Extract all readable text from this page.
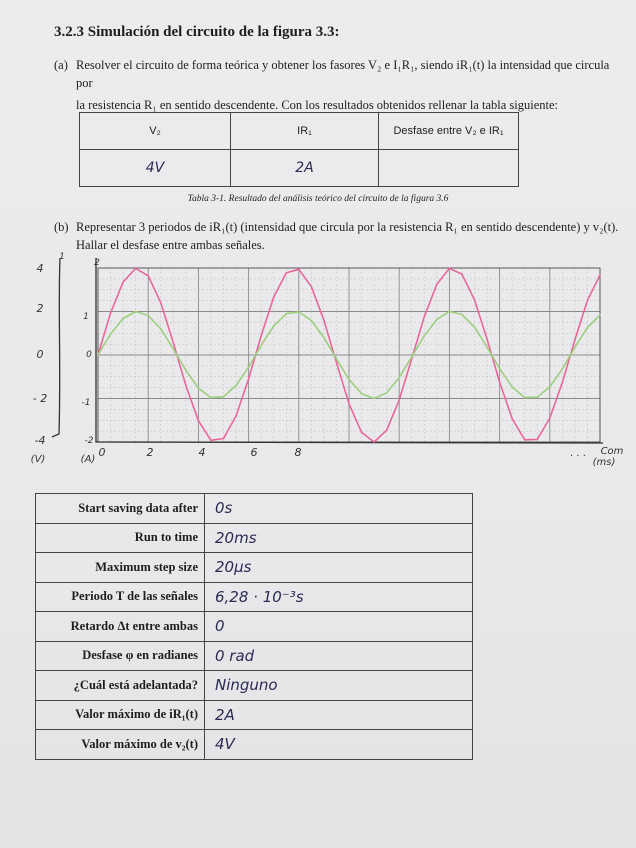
3.2.3 Simulación del circuito de la figura 3.3:
(a) Resolver el circuito de forma teórica y obtener los fasores V₂ e I₁R₁, siendo iR₁(t) la intensidad que circula por
la resistencia R₁ en sentido descendente. Con los resultados obtenidos rellenar la tabla siguiente:
V₂	IR₁	Desfase entre V₂ e IR₁
4V	2A	
Tabla 3-1. Resultado del análisis teórico del circuito de la figura 3.6
(b) Representar 3 periodos de iR₁(t) (intensidad que circula por la resistencia R₁ en sentido descendente) y v₂(t).
Hallar el desfase entre ambas señales.
4
2
0
- 2
-4
(V)
1
2
1
0
-1
-2
(A)
0	2	4	6	8	. . . Com
(ms)
Start saving data after	0s
Run to time	20ms
Maximum step size	20μs
Periodo T de las señales	6,28 · 10⁻³s
Retardo Δt entre ambas	0
Desfase φ en radianes	0 rad
¿Cuál está adelantada?	Ninguno
Valor máximo de iR₁(t)	2A
Valor máximo de v₂(t)	4V
